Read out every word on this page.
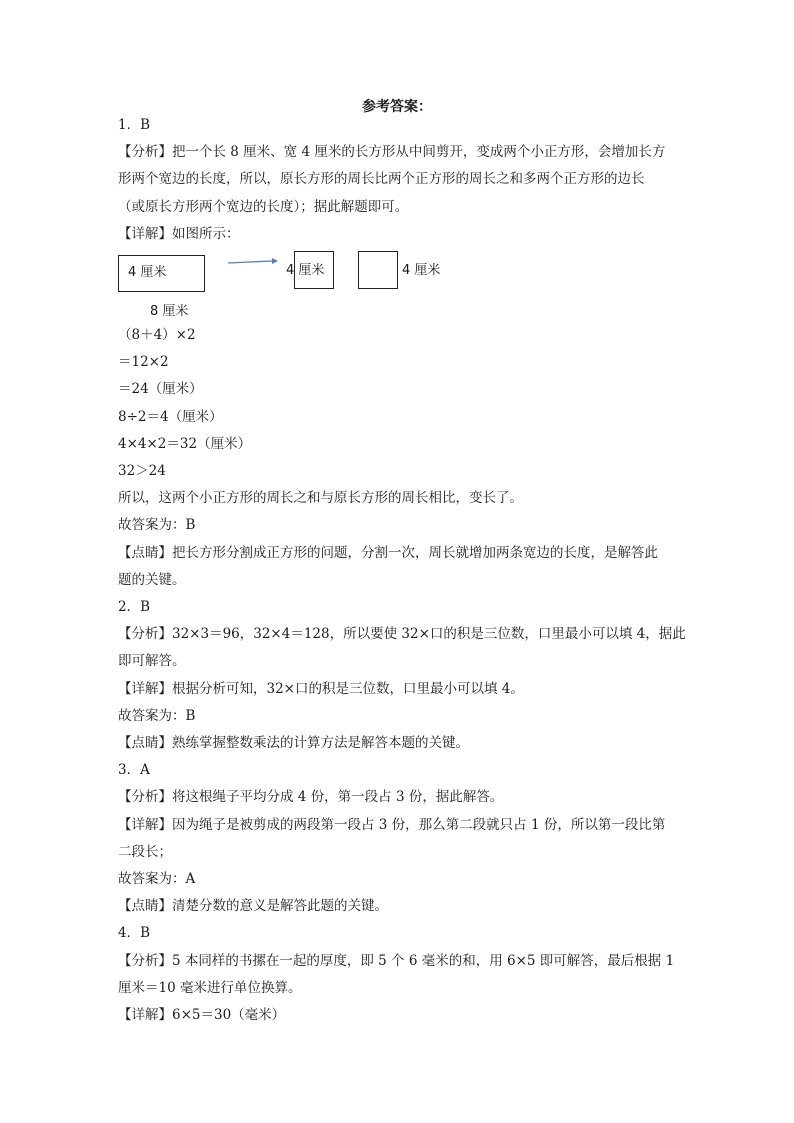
参考答案：
1．B
【分析】把一个长 8 厘米、宽 4 厘米的长方形从中间剪开，变成两个小正方形，会增加长方
形两个宽边的长度，所以，原长方形的周长比两个正方形的周长之和多两个正方形的边长
（或原长方形两个宽边的长度）；据此解题即可。
【详解】如图所示：
4 厘米	4 厘米	4 厘米
8 厘米
（8＋4）×2
＝12×2
＝24（厘米）
8÷2＝4（厘米）
4×4×2＝32（厘米）
32＞24
所以，这两个小正方形的周长之和与原长方形的周长相比，变长了。
故答案为：B
【点睛】把长方形分割成正方形的问题，分割一次，周长就增加两条宽边的长度，是解答此
题的关键。
2．B
【分析】32×3＝96，32×4＝128，所以要使 32×口的积是三位数，口里最小可以填 4，据此
即可解答。
【详解】根据分析可知，32×口的积是三位数，口里最小可以填 4。
故答案为：B
【点睛】熟练掌握整数乘法的计算方法是解答本题的关键。
3．A
【分析】将这根绳子平均分成 4 份，第一段占 3 份，据此解答。
【详解】因为绳子是被剪成的两段第一段占 3 份，那么第二段就只占 1 份，所以第一段比第
二段长；
故答案为：A
【点睛】清楚分数的意义是解答此题的关键。
4．B
【分析】5 本同样的书摞在一起的厚度，即 5 个 6 毫米的和，用 6×5 即可解答，最后根据 1
厘米＝10 毫米进行单位换算。
【详解】6×5＝30（毫米）
